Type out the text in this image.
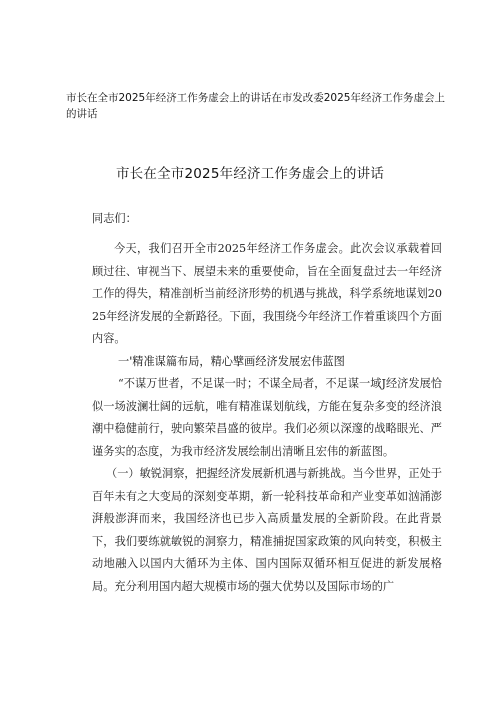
市长在全市2025年经济工作务虚会上的讲话在市发改委2025年经济工作务虚会上的讲话
市长在全市2025年经济工作务虚会上的讲话

同志们：

今天，我们召开全市2025年经济工作务虚会。此次会议承载着回顾过往、审视当下、展望未来的重要使命，旨在全面复盘过去一年经济工作的得失，精准剖析当前经济形势的机遇与挑战，科学系统地谋划2025年经济发展的全新路径。下面，我围绕今年经济工作着重谈四个方面内容。

一'精准谋篇布局，精心擘画经济发展宏伟蓝图

“不谋万世者，不足谋一时；不谋全局者，不足谋一域J经济发展恰似一场波澜壮阔的远航，唯有精准谋划航线，方能在复杂多变的经济浪潮中稳健前行，驶向繁荣昌盛的彼岸。我们必须以深邃的战略眼光、严谨务实的态度，为我市经济发展绘制出清晰且宏伟的新蓝图。

（一）敏锐洞察，把握经济发展新机遇与新挑战。当今世界，正处于百年未有之大变局的深刻变革期，新一轮科技革命和产业变革如汹涌澎湃般澎湃而来，我国经济也已步入高质量发展的全新阶段。在此背景下，我们要练就敏锐的洞察力，精准捕捉国家政策的风向转变，积极主动地融入以国内大循环为主体、国内国际双循环相互促进的新发展格局。充分利用国内超大规模市场的强大优势以及国际市场的广
